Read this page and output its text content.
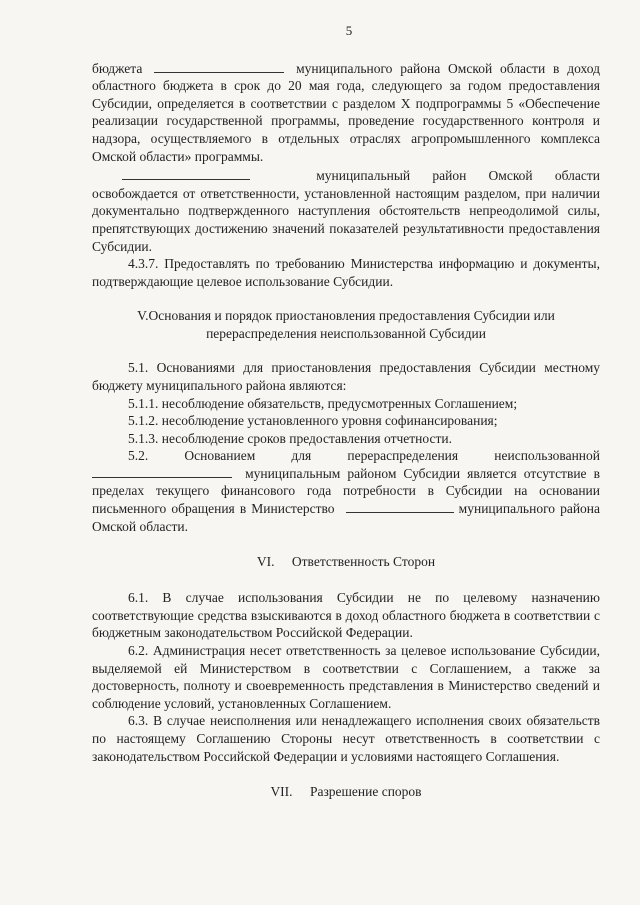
5

бюджета	муниципального района Омской области в доход областного бюджета в срок до 20 мая года, следующего за годом предоставления Субсидии, определяется в соответствии с разделом X подпрограммы 5 «Обеспечение реализации государственной программы, проведение государственного контроля и надзора, осуществляемого в отдельных отраслях агропромышленного комплекса Омской области» программы.

муниципальный район Омской области освобождается от ответственности, установленной настоящим разделом, при наличии документально подтвержденного наступления обстоятельств непреодолимой силы, препятствующих достижению значений показателей результативности предоставления Субсидии.

4.3.7. Предоставлять по требованию Министерства информацию и документы, подтверждающие целевое использование Субсидии.

V.Основания и порядок приостановления предоставления Субсидии или перераспределения неиспользованной Субсидии

5.1. Основаниями для приостановления предоставления Субсидии местному бюджету муниципального района являются:

5.1.1. несоблюдение обязательств, предусмотренных Соглашением;

5.1.2. несоблюдение установленного уровня софинансирования;

5.1.3. несоблюдение сроков предоставления отчетности.

5.2. Основанием для перераспределения неиспользованной  муниципальным районом Субсидии является отсутствие в пределах текущего финансового года потребности в Субсидии на основании письменного обращения в Министерство	муниципального района Омской области.

VI. Ответственность Сторон

6.1. В случае использования Субсидии не по целевому назначению соответствующие средства взыскиваются в доход областного бюджета в соответствии с бюджетным законодательством Российской Федерации.

6.2. Администрация несет ответственность за целевое использование Субсидии, выделяемой ей Министерством в соответствии с Соглашением, а также за достоверность, полноту и своевременность представления в Министерство сведений и соблюдение условий, установленных Соглашением.

6.3. В случае неисполнения или ненадлежащего исполнения своих обязательств по настоящему Соглашению Стороны несут ответственность в соответствии с законодательством Российской Федерации и условиями настоящего Соглашения.

VII. Разрешение споров
